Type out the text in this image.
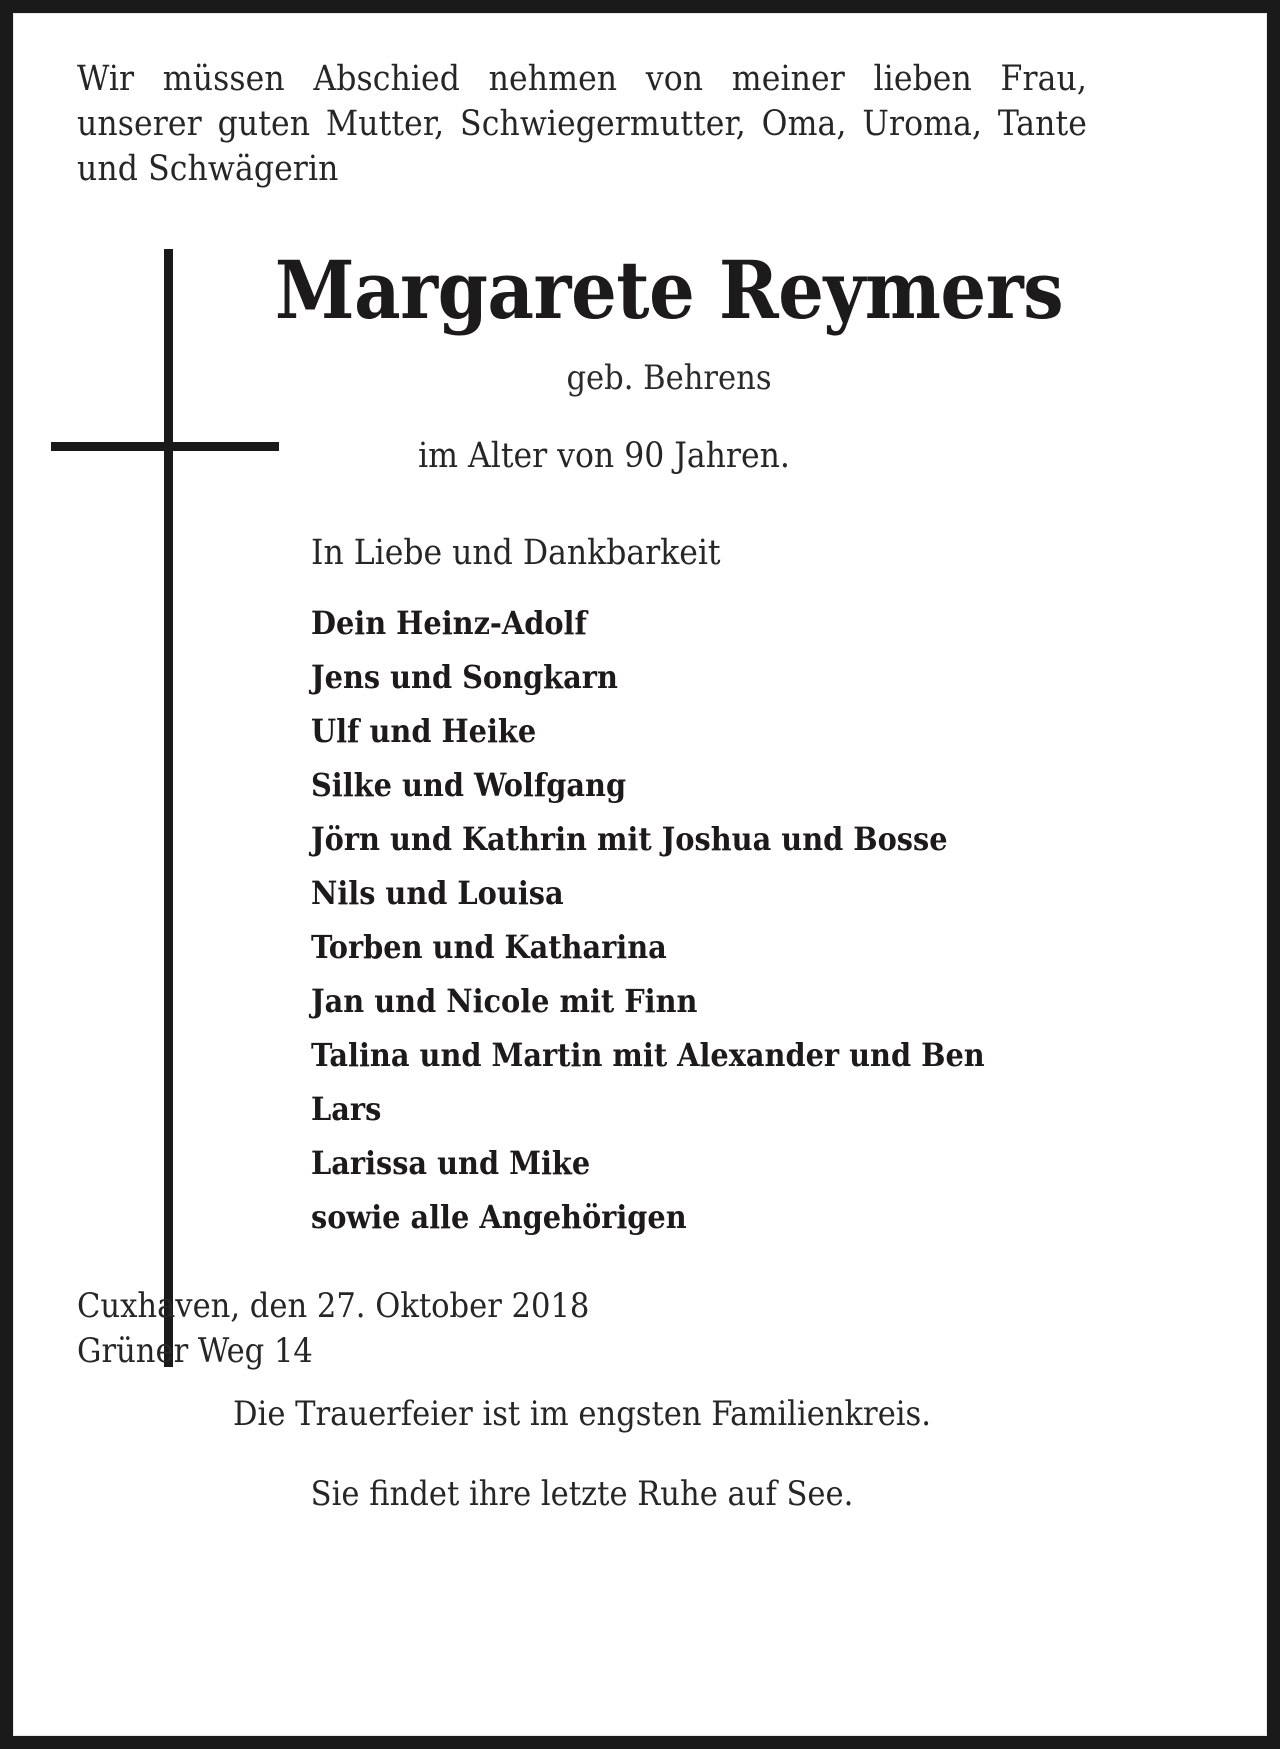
Wir müssen Abschied nehmen von meiner lieben Frau, unserer guten Mutter, Schwiegermutter, Oma, Uroma, Tante und Schwägerin
Margarete Reymers
geb. Behrens
im Alter von 90 Jahren.
In Liebe und Dankbarkeit
Dein Heinz-Adolf
Jens und Songkarn
Ulf und Heike
Silke und Wolfgang
Jörn und Kathrin mit Joshua und Bosse
Nils und Louisa
Torben und Katharina
Jan und Nicole mit Finn
Talina und Martin mit Alexander und Ben
Lars
Larissa und Mike
sowie alle Angehörigen
Cuxhaven, den 27. Oktober 2018
Grüner Weg 14
Die Trauerfeier ist im engsten Familienkreis.
Sie findet ihre letzte Ruhe auf See.
